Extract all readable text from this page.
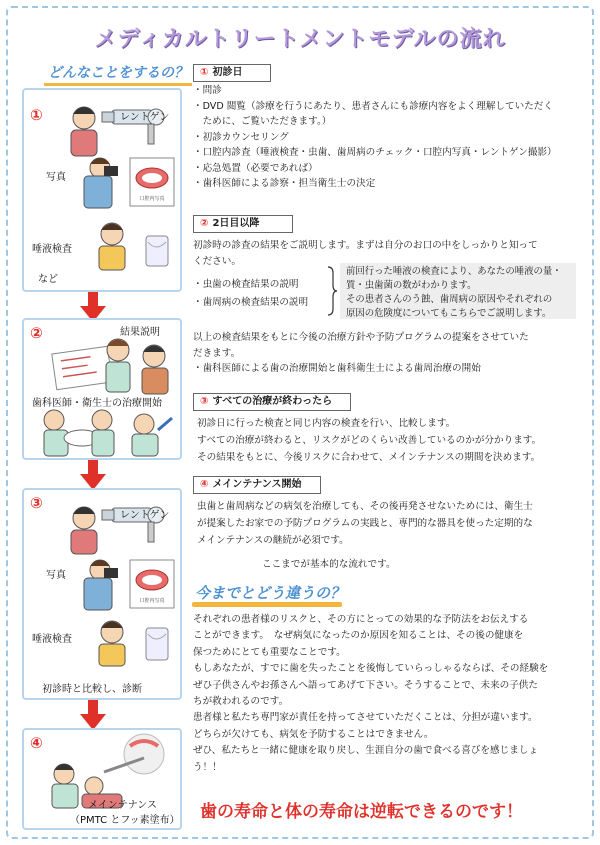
メディカルトリートメントモデルの流れ
どんなことをするの？
①
口腔内写真
レントゲン
写真
唾液検査
など
②	結果説明
歯科医師・衛生士の治療開始
③
口腔内写真
レントゲン
写真
唾液検査
初診時と比較し、診断
④
メインテナンス
（PMTC とフッ素塗布）
① 初診日

・問診

・DVD 閲覧（診療を行うにあたり、患者さんにも診療内容をよく理解していただく

　ために、ご覧いただきます。）

・初診カウンセリング

・口腔内診査（唾液検査・虫歯、歯周病のチェック・口腔内写真・レントゲン撮影）

・応急処置（必要であれば）

・歯科医師による診察・担当衛生士の決定

② 2日目以降

初診時の診査の結果をご説明します。まずは自分のお口の中をしっかりと知って

ください。

・虫歯の検査結果の説明

・歯周病の検査結果の説明

前回行った唾液の検査により、あなたの唾液の量・

質・虫歯菌の数がわかります。

その患者さんのう蝕、歯周病の原因やそれぞれの

原因の危険度についてもこちらでご説明します。

以上の検査結果をもとに今後の治療方針や予防プログラムの提案をさせていた

だきます。

・歯科医師による歯の治療開始と歯科衛生士による歯周治療の開始

③ すべての治療が終わったら

初診日に行った検査と同じ内容の検査を行い、比較します。

すべての治療が終わると、リスクがどのくらい改善しているのかが分かります。

その結果をもとに、今後リスクに合わせて、メインテナンスの期間を決めます。

④ メインテナンス開始

虫歯と歯周病などの病気を治療しても、その後再発させないためには、衛生士

が提案したお家での予防プログラムの実践と、専門的な器具を使った定期的な

メインテナンスの継続が必須です。

ここまでが基本的な流れです。
今までとどう違うの？

それぞれの患者様のリスクと、その方にとっての効果的な予防法をお伝えする

ことができます。　なぜ病気になったのか原因を知ることは、その後の健康を

保つためにとても重要なことです。

もしあなたが、すでに歯を失ったことを後悔していらっしゃるならば、その経験を

ぜひ子供さんやお孫さんへ語ってあげて下さい。そうすることで、未来の子供た

ちが救われるのです。

患者様と私たち専門家が責任を持ってさせていただくことは、分担が違います。

どちらが欠けても、病気を予防することはできません。

ぜひ、私たちと一緒に健康を取り戻し、生涯自分の歯で食べる喜びを感じましょ

う！！

歯の寿命と体の寿命は逆転できるのです！
